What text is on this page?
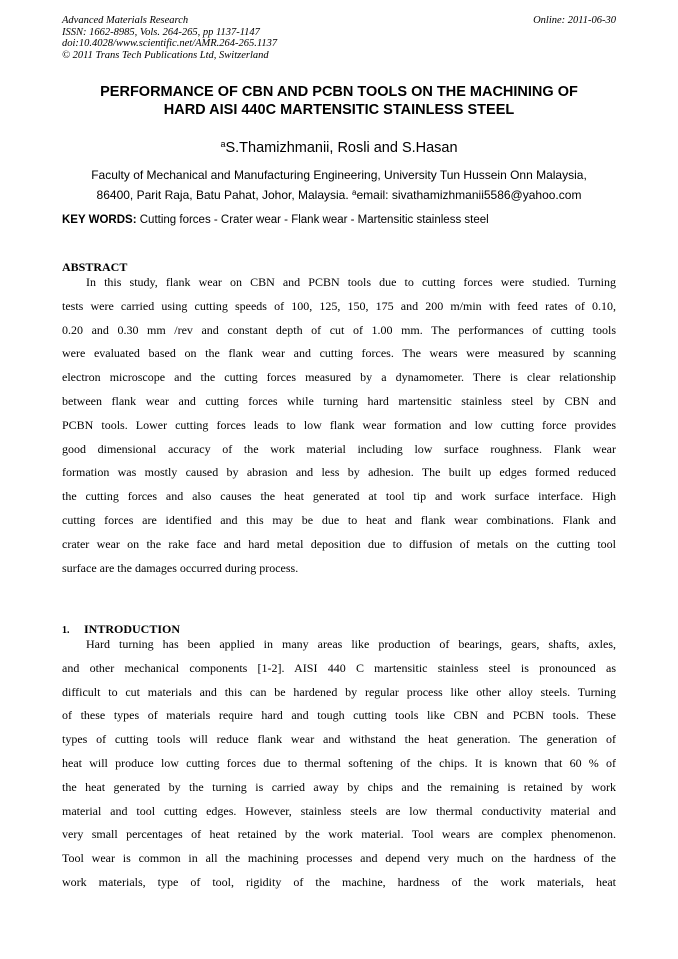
Advanced Materials Research
ISSN: 1662-8985, Vols. 264-265, pp 1137-1147
doi:10.4028/www.scientific.net/AMR.264-265.1137
© 2011 Trans Tech Publications Ltd, Switzerland
Online: 2011-06-30
PERFORMANCE OF CBN AND PCBN TOOLS ON THE MACHINING OF
HARD AISI 440C MARTENSITIC STAINLESS STEEL
$^a$S.Thamizhmanii, Rosli and S.Hasan
Faculty of Mechanical and Manufacturing Engineering, University Tun Hussein Onn Malaysia,
86400, Parit Raja, Batu Pahat, Johor, Malaysia. $^a$email: sivathamizhmanii5586@yahoo.com
KEY WORDS: Cutting forces - Crater wear - Flank wear - Martensitic stainless steel
ABSTRACT
In this study, flank wear on CBN and PCBN tools due to cutting forces were studied. Turning
tests were carried using cutting speeds of 100, 125, 150, 175 and 200 m/min with feed rates of 0.10,
0.20 and 0.30 mm /rev and constant depth of cut of 1.00 mm. The performances of cutting tools
were evaluated based on the flank wear and cutting forces. The wears were measured by scanning
electron microscope and the cutting forces measured by a dynamometer. There is clear relationship
between flank wear and cutting forces while turning hard martensitic stainless steel by CBN and
PCBN tools. Lower cutting forces leads to low flank wear formation and low cutting force provides
good dimensional accuracy of the work material including low surface roughness. Flank wear
formation was mostly caused by abrasion and less by adhesion. The built up edges formed reduced
the cutting forces and also causes the heat generated at tool tip and work surface interface. High
cutting forces are identified and this may be due to heat and flank wear combinations. Flank and
crater wear on the rake face and hard metal deposition due to diffusion of metals on the cutting tool
surface are the damages occurred during process.
1. INTRODUCTION
Hard turning has been applied in many areas like production of bearings, gears, shafts, axles,
and other mechanical components [1-2]. AISI 440 C martensitic stainless steel is pronounced as
difficult to cut materials and this can be hardened by regular process like other alloy steels. Turning
of these types of materials require hard and tough cutting tools like CBN and PCBN tools. These
types of cutting tools will reduce flank wear and withstand the heat generation. The generation of
heat will produce low cutting forces due to thermal softening of the chips. It is known that 60 % of
the heat generated by the turning is carried away by chips and the remaining is retained by work
material and tool cutting edges. However, stainless steels are low thermal conductivity material and
very small percentages of heat retained by the work material. Tool wears are complex phenomenon.
Tool wear is common in all the machining processes and depend very much on the hardness of the
work materials, type of tool, rigidity of the machine, hardness of the work materials, heat
